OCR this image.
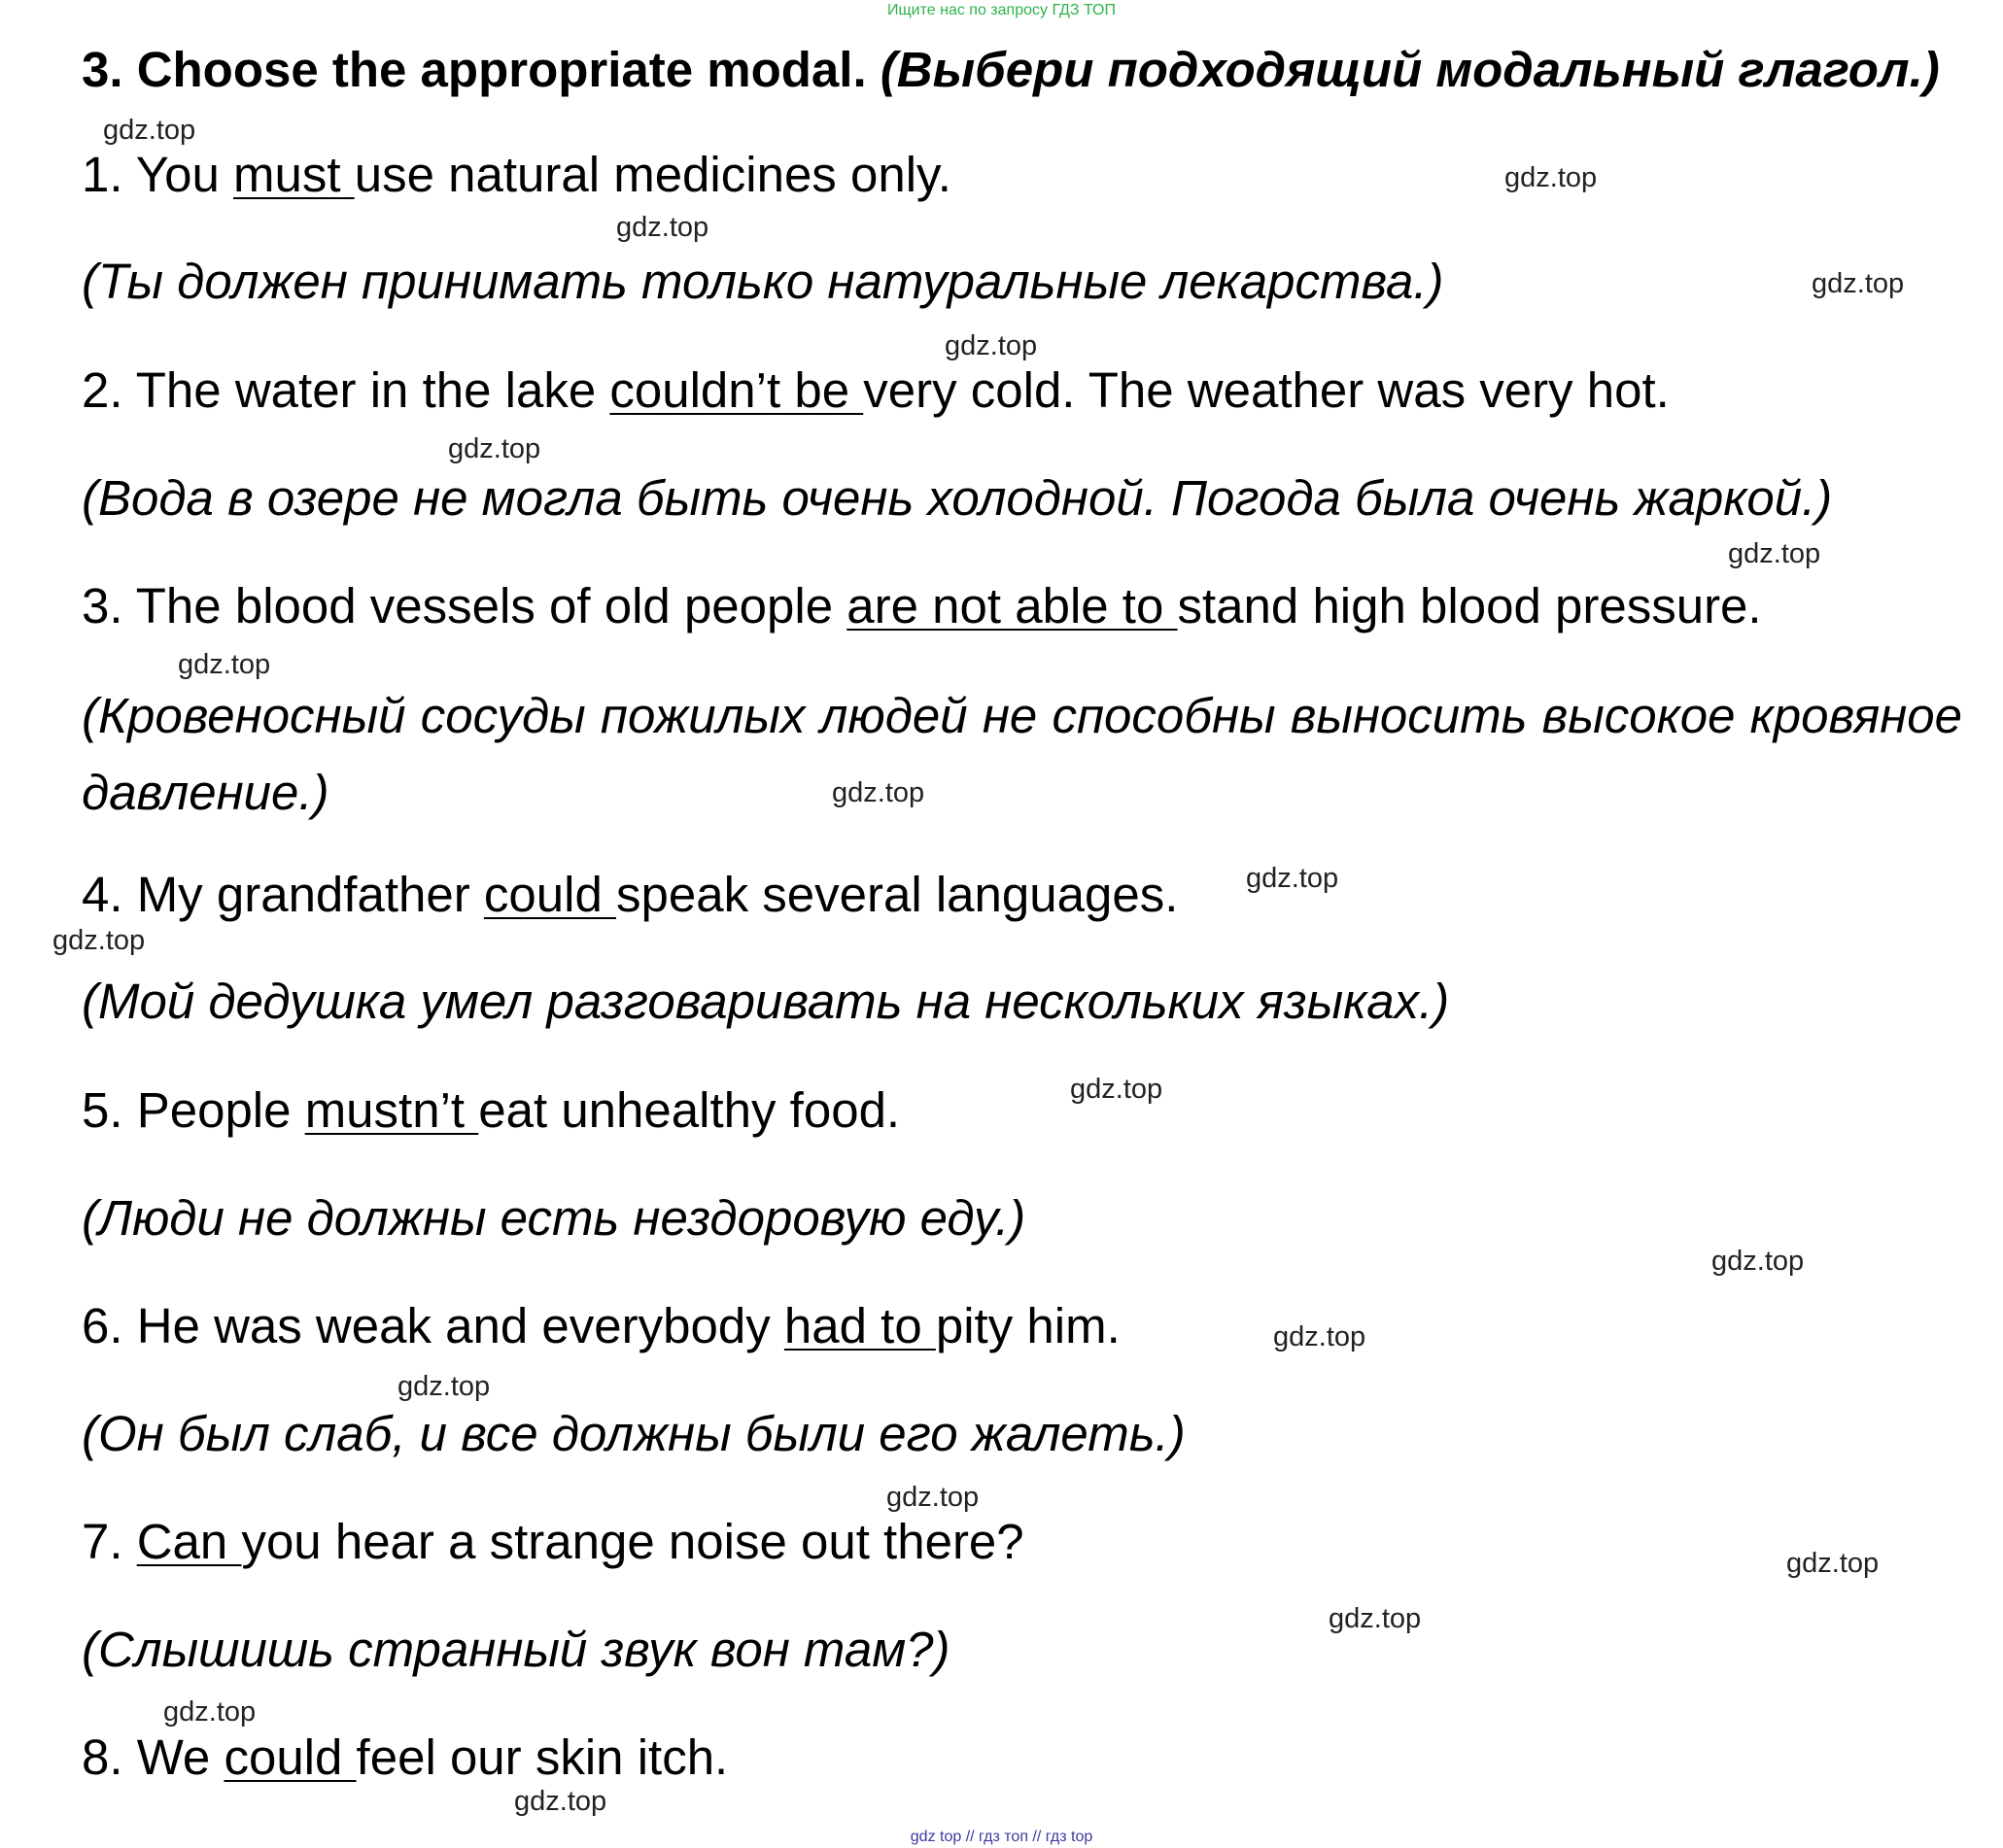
Ищите нас по запросу ГДЗ ТОП
3. Choose the appropriate modal. (Выбери подходящий модальный глагол.)
1. You must use natural medicines only.
(Ты должен принимать только натуральные лекарства.)
2. The water in the lake couldn’t be very cold. The weather was very hot.
(Вода в озере не могла быть очень холодной. Погода была очень жаркой.)
3. The blood vessels of old people are not able to stand high blood pressure.
(Кровеносный сосуды пожилых людей не способны выносить высокое кровяное давление.)
4. My grandfather could speak several languages.
(Мой дедушка умел разговаривать на нескольких языках.)
5. People mustn’t eat unhealthy food.
(Люди не должны есть нездоровую еду.)
6. He was weak and everybody had to pity him.
(Он был слаб, и все должны были его жалеть.)
7. Can you hear a strange noise out there?
(Слышишь странный звук вон там?)
8. We could feel our skin itch.
gdz.top
gdz.top
gdz.top
gdz.top
gdz.top
gdz.top
gdz.top
gdz.top
gdz.top
gdz.top
gdz.top
gdz.top
gdz.top
gdz.top
gdz.top
gdz.top
gdz.top
gdz.top
gdz.top
gdz.top
gdz top // гдз топ // гдз top
